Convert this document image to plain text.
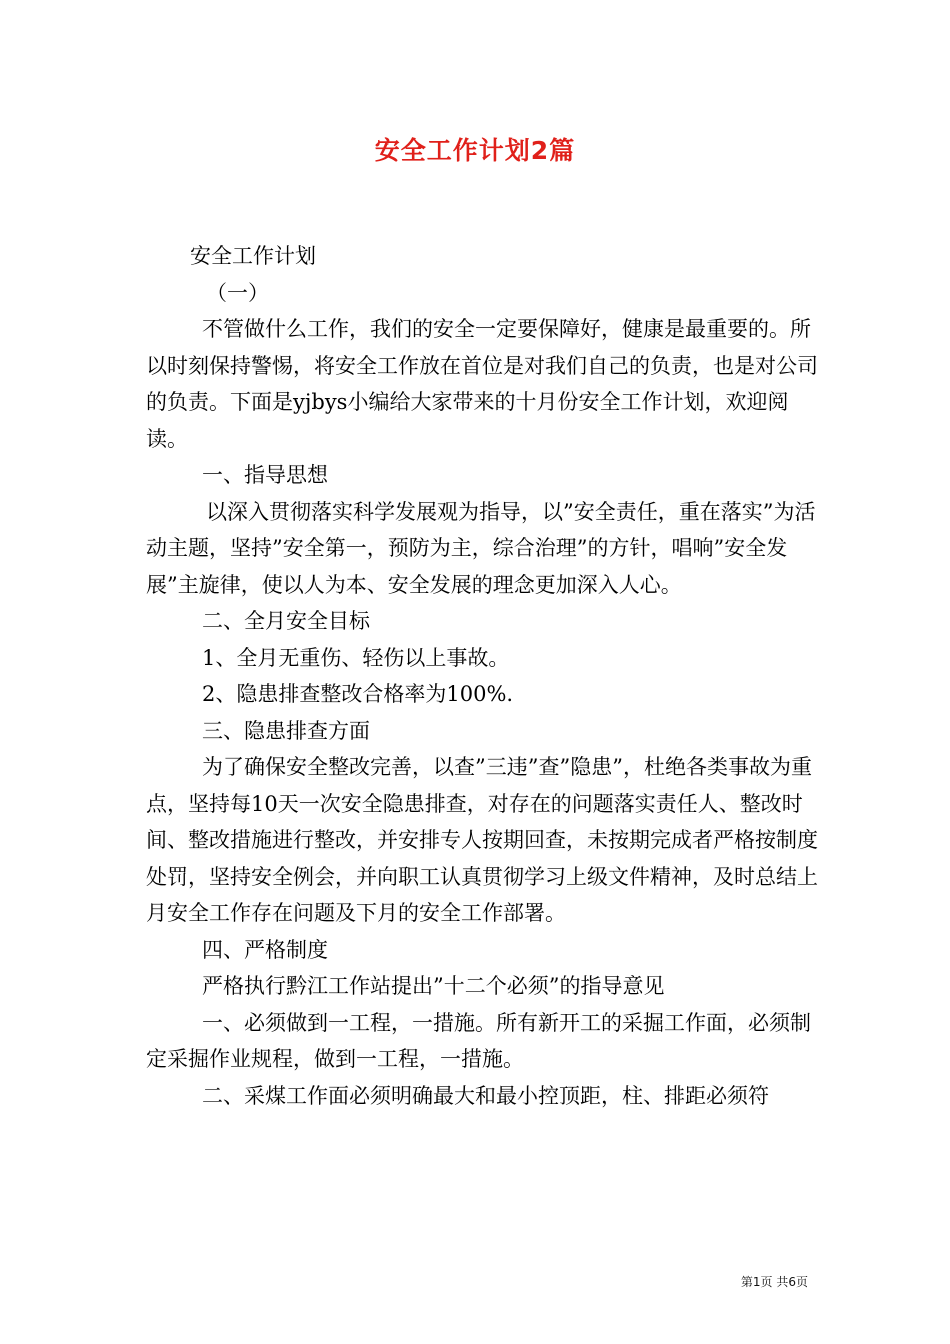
安全工作计划2篇

安全工作计划

（一）

不管做什么工作，我们的安全一定要保障好，健康是最重要的。所以时刻保持警惕，将安全工作放在首位是对我们自己的负责，也是对公司的负责。下面是yjbys小编给大家带来的十月份安全工作计划，欢迎阅读。

一、指导思想

以深入贯彻落实科学发展观为指导，以”安全责任，重在落实”为活动主题，坚持”安全第一，预防为主，综合治理”的方针，唱响”安全发展”主旋律，使以人为本、安全发展的理念更加深入人心。

二、全月安全目标

1、全月无重伤、轻伤以上事故。

2、隐患排查整改合格率为100%.

三、隐患排查方面

为了确保安全整改完善，以查”三违”查”隐患”，杜绝各类事故为重点，坚持每10天一次安全隐患排查，对存在的问题落实责任人、整改时间、整改措施进行整改，并安排专人按期回查，未按期完成者严格按制度处罚，坚持安全例会，并向职工认真贯彻学习上级文件精神，及时总结上月安全工作存在问题及下月的安全工作部署。

四、严格制度

严格执行黔江工作站提出”十二个必须”的指导意见

一、必须做到一工程，一措施。所有新开工的采掘工作面，必须制定采掘作业规程，做到一工程，一措施。

二、采煤工作面必须明确最大和最小控顶距，柱、排距必须符

第1页 共6页
